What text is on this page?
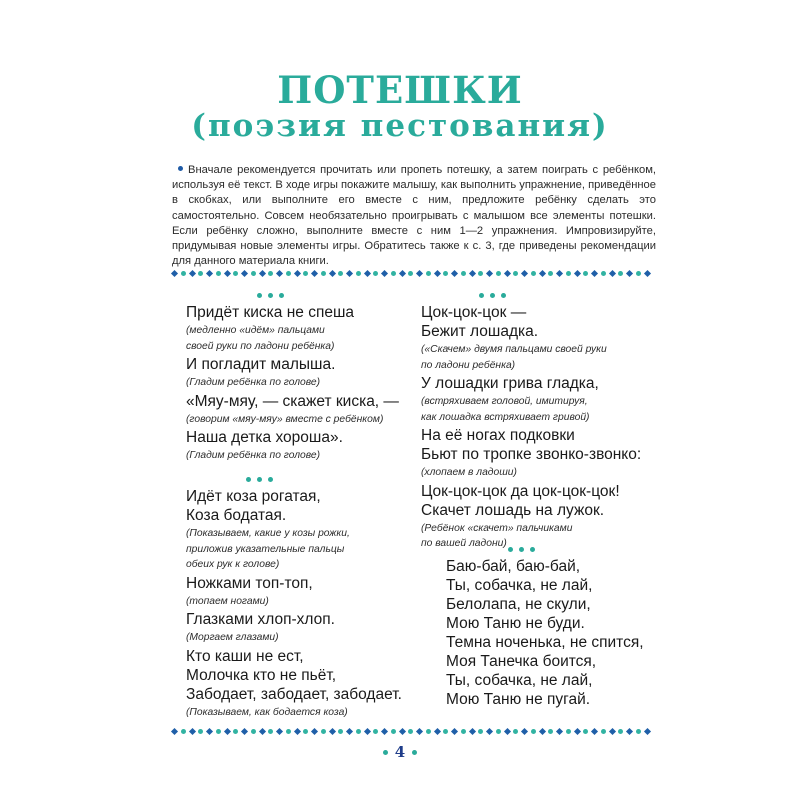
ПОТЕШКИ
(поэзия пестования)

Вначале рекомендуется прочитать или пропеть потешку, а затем поиграть с ребёнком, используя её текст. В ходе игры покажите малышу, как выполнить упражнение, приведённое в скобках, или выполните его вместе с ним, предложите ребёнку сделать это самостоятельно. Совсем необязательно проигрывать с малышом все элементы потешки. Если ребёнку сложно, выполните вместе с ним 1—2 упражнения. Импровизируйте, придумывая новые элементы игры. Обратитесь также к с. 3, где приведены рекомендации для данного материала книги.

Придёт киска не спеша
(медленно «идём» пальцами
своей руки по ладони ребёнка)
И погладит малыша.
(Гладим ребёнка по голове)
«Мяу-мяу, — скажет киска, —
(говорим «мяу-мяу» вместе с ребёнком)
Наша детка хороша».
(Гладим ребёнка по голове)
Идёт коза рогатая,
Коза бодатая.
(Показываем, какие у козы рожки,
приложив указательные пальцы
обеих рук к голове)
Ножками топ-топ,
(топаем ногами)
Глазками хлоп-хлоп.
(Моргаем глазами)
Кто каши не ест,
Молочка кто не пьёт,
Забодает, забодает, забодает.
(Показываем, как бодается коза)
Цок-цок-цок —
Бежит лошадка.
(«Скачем» двумя пальцами своей руки
по ладони ребёнка)
У лошадки грива гладка,
(встряхиваем головой, имитируя,
как лошадка встряхивает гривой)
На её ногах подковки
Бьют по тропке звонко-звонко:
(хлопаем в ладоши)
Цок-цок-цок да цок-цок-цок!
Скачет лошадь на лужок.
(Ребёнок «скачет» пальчиками
по вашей ладони)
Баю-бай, баю-бай,
Ты, собачка, не лай,
Белолапа, не скули,
Мою Таню не буди.
Темна ноченька, не спится,
Моя Танечка боится,
Ты, собачка, не лай,
Мою Таню не пугай.
4
